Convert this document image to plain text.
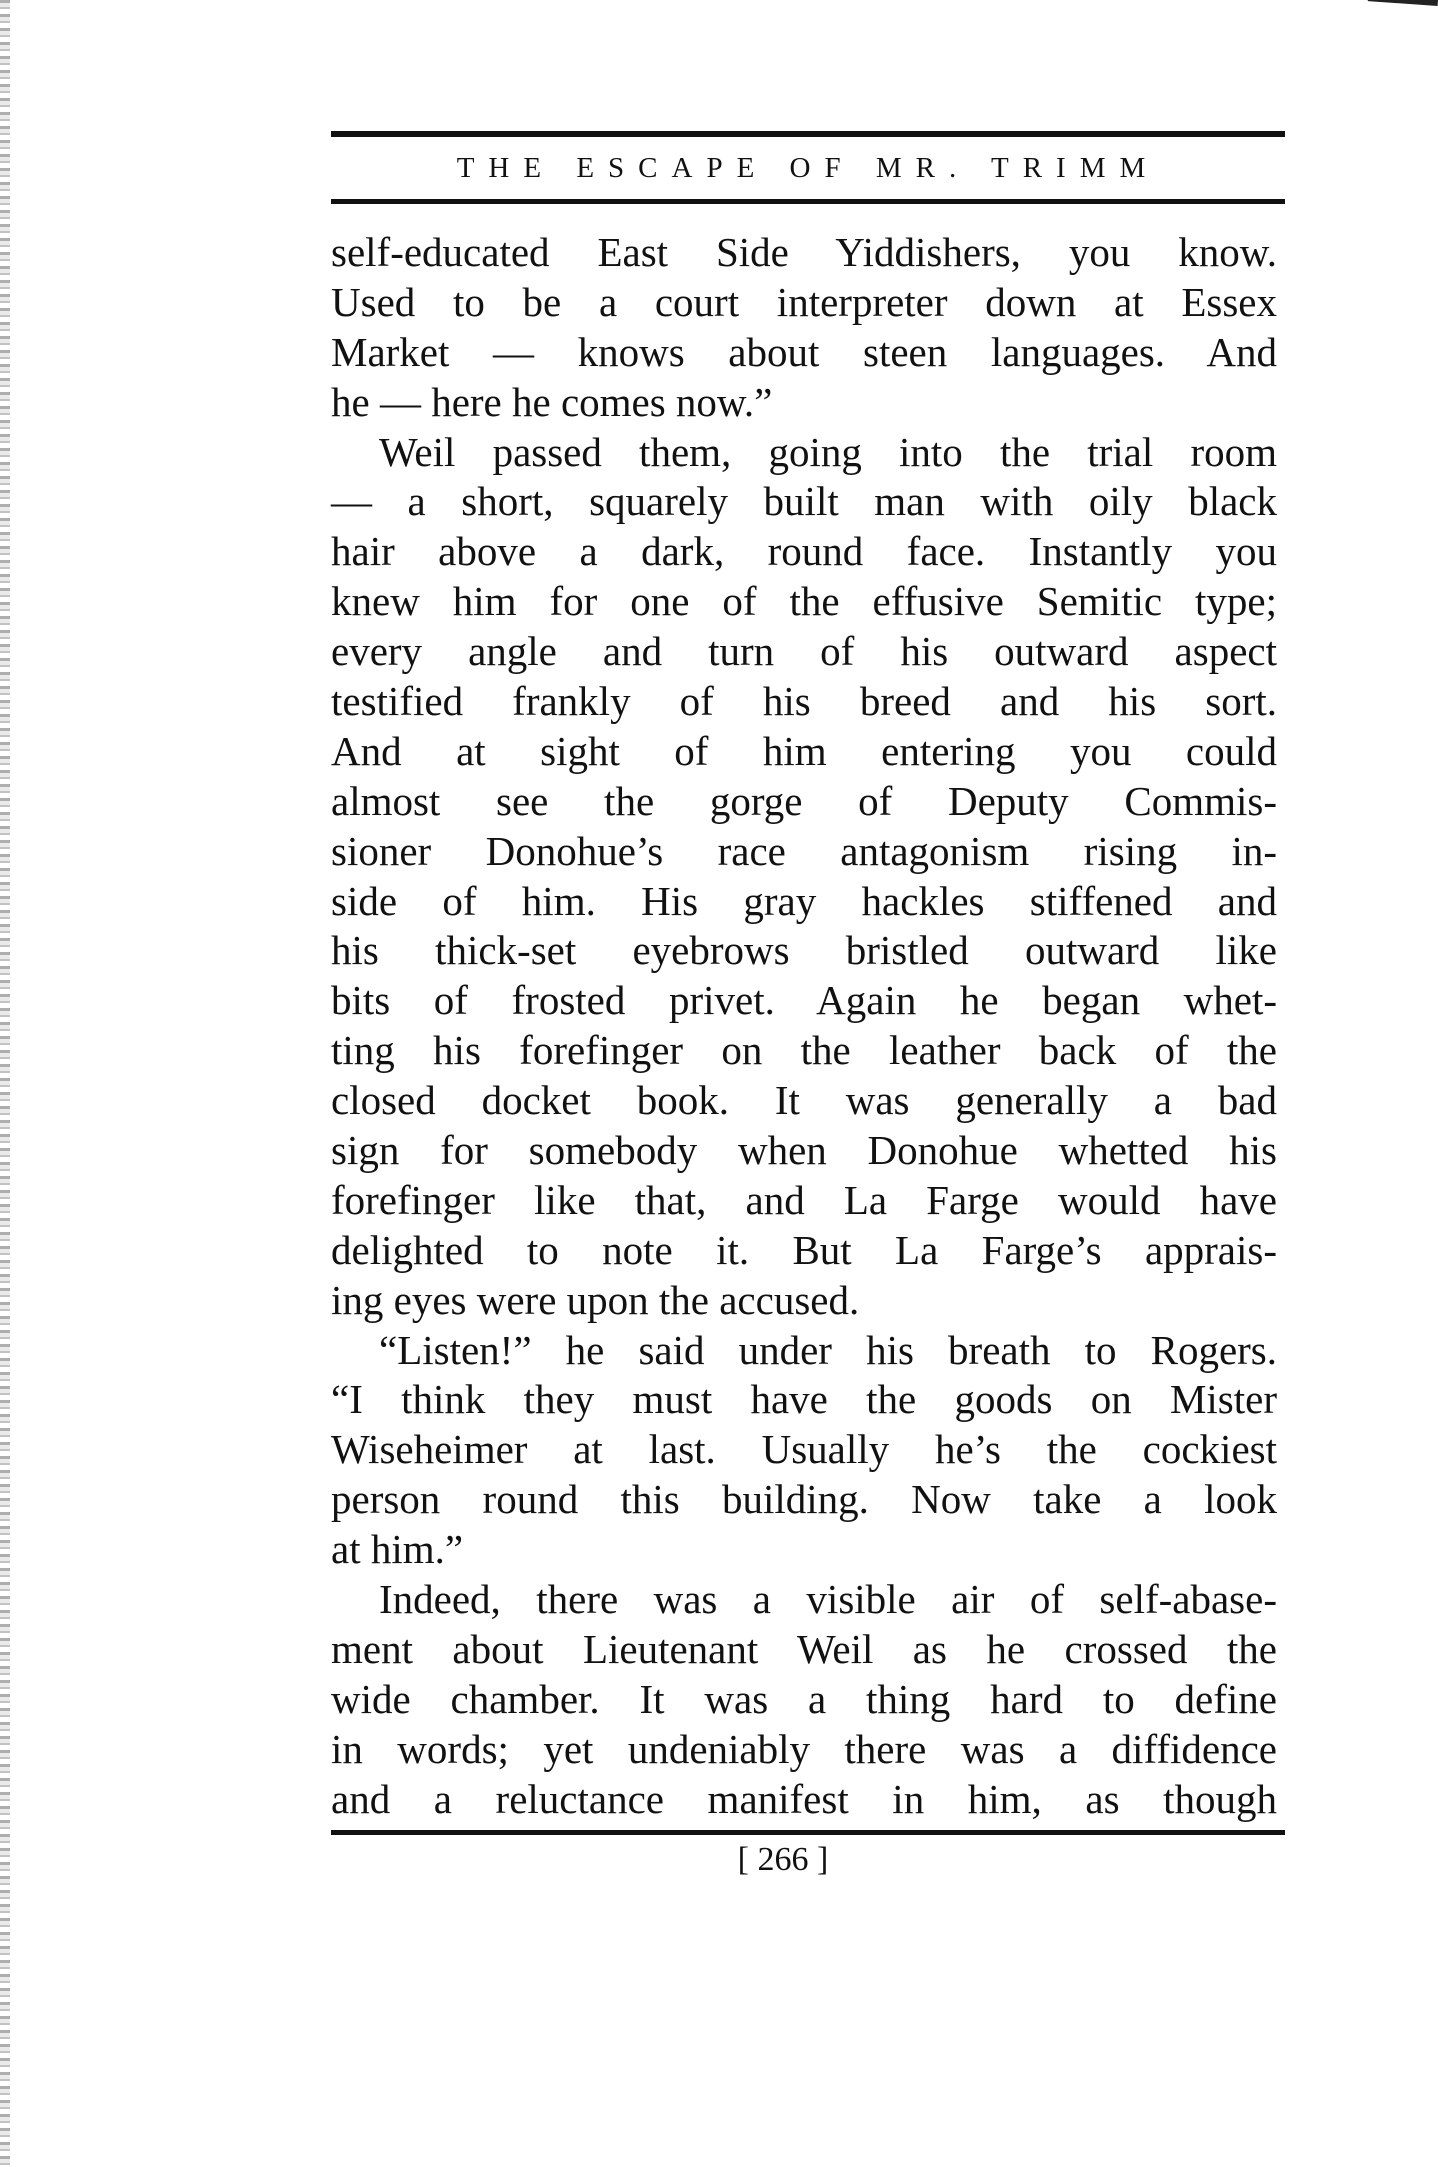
THE ESCAPE OF MR. TRIMM
self-educated East Side Yiddishers, you know.
Used to be a court interpreter down at Essex
Market — knows about steen languages. And
he — here he comes now.”
Weil passed them, going into the trial room
— a short, squarely built man with oily black
hair above a dark, round face. Instantly you
knew him for one of the effusive Semitic type;
every angle and turn of his outward aspect
testified frankly of his breed and his sort.
And at sight of him entering you could
almost see the gorge of Deputy Commis-
sioner Donohue’s race antagonism rising in-
side of him. His gray hackles stiffened and
his thick-set eyebrows bristled outward like
bits of frosted privet. Again he began whet-
ting his forefinger on the leather back of the
closed docket book. It was generally a bad
sign for somebody when Donohue whetted his
forefinger like that, and La Farge would have
delighted to note it. But La Farge’s apprais-
ing eyes were upon the accused.
“Listen!” he said under his breath to Rogers.
“I think they must have the goods on Mister
Wiseheimer at last. Usually he’s the cockiest
person round this building. Now take a look
at him.”
Indeed, there was a visible air of self-abase-
ment about Lieutenant Weil as he crossed the
wide chamber. It was a thing hard to define
in words; yet undeniably there was a diffidence
and a reluctance manifest in him, as though
[ 266 ]
